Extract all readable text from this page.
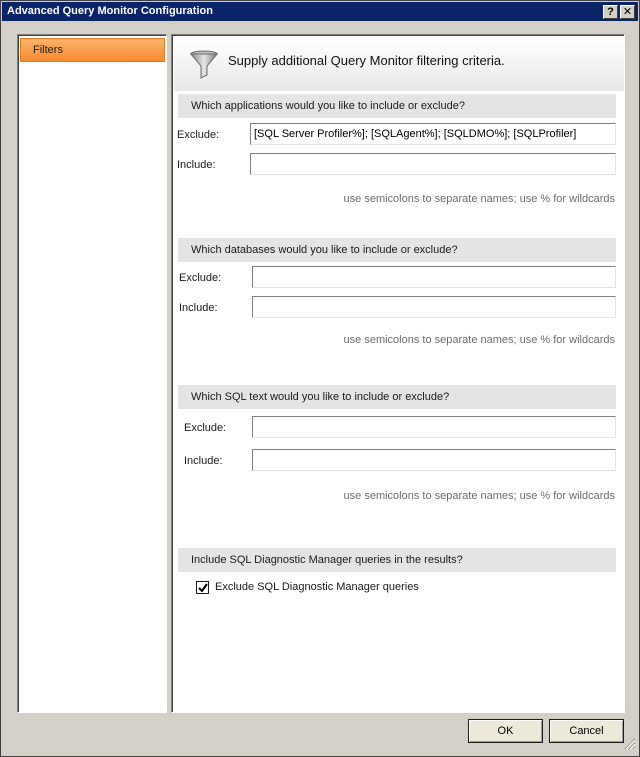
Advanced Query Monitor Configuration	? ✕
Filters
Supply additional Query Monitor filtering criteria.
Which applications would you like to include or exclude?
Exclude:
[SQL Server Profiler%]; [SQLAgent%]; [SQLDMO%]; [SQLProfiler]
Include:
use semicolons to separate names; use % for wildcards
Which databases would you like to include or exclude?
Exclude:
Include:
use semicolons to separate names; use % for wildcards
Which SQL text would you like to include or exclude?
Exclude:
Include:
use semicolons to separate names; use % for wildcards
Include SQL Diagnostic Manager queries in the results?
Exclude SQL Diagnostic Manager queries
OK	Cancel
